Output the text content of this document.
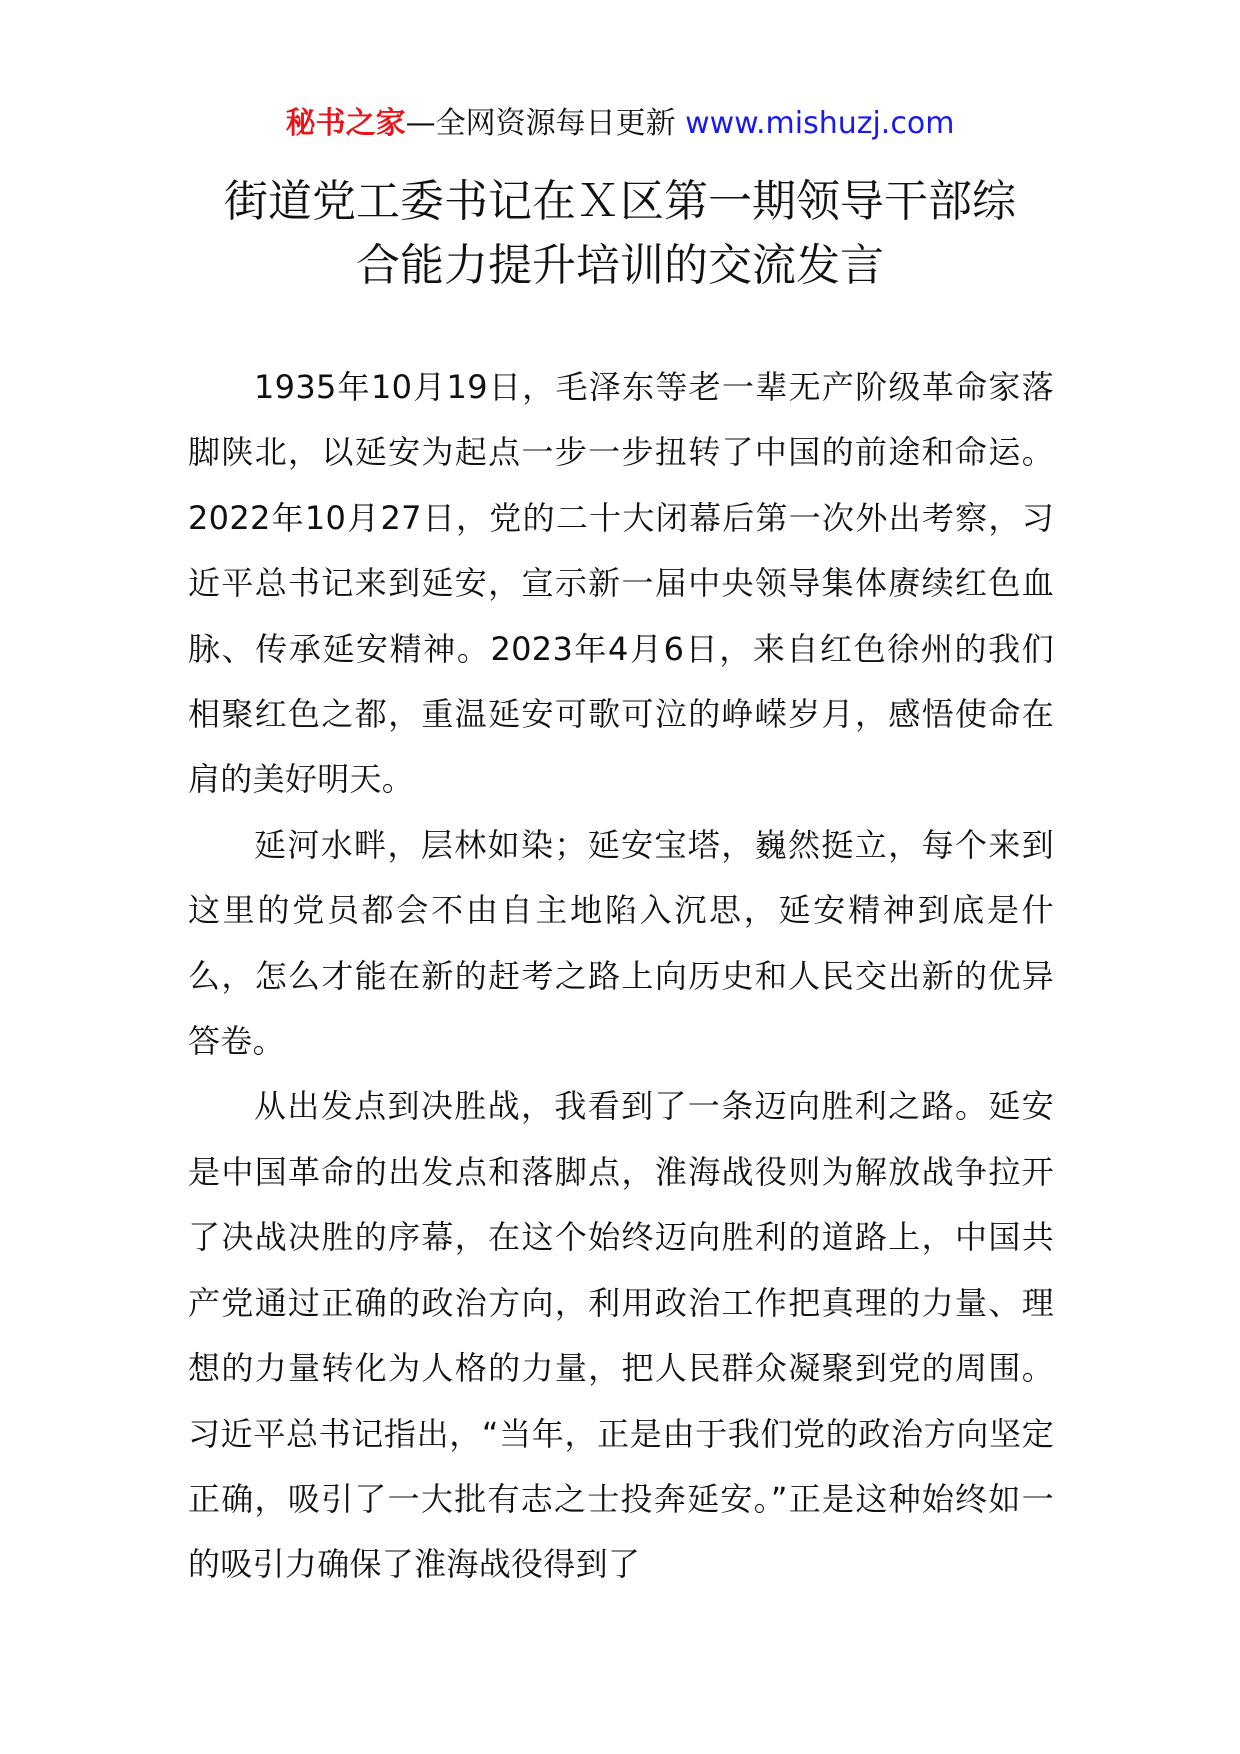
秘书之家—全网资源每日更新 www.mishuzj.com
街道党工委书记在Ｘ区第一期领导干部综
合能力提升培训的交流发言

1935年10月19日，毛泽东等老一辈无产阶级革命家落脚陕北，以延安为起点一步一步扭转了中国的前途和命运。2022年10月27日，党的二十大闭幕后第一次外出考察，习近平总书记来到延安，宣示新一届中央领导集体赓续红色血脉、传承延安精神。2023年4月6日，来自红色徐州的我们相聚红色之都，重温延安可歌可泣的峥嵘岁月，感悟使命在肩的美好明天。

延河水畔，层林如染；延安宝塔，巍然挺立，每个来到这里的党员都会不由自主地陷入沉思，延安精神到底是什么，怎么才能在新的赶考之路上向历史和人民交出新的优异答卷。

从出发点到决胜战，我看到了一条迈向胜利之路。延安是中国革命的出发点和落脚点，淮海战役则为解放战争拉开了决战决胜的序幕，在这个始终迈向胜利的道路上，中国共产党通过正确的政治方向，利用政治工作把真理的力量、理想的力量转化为人格的力量，把人民群众凝聚到党的周围。习近平总书记指出，“当年，正是由于我们党的政治方向坚定正确，吸引了一大批有志之士投奔延安。”正是这种始终如一的吸引力确保了淮海战役得到了
